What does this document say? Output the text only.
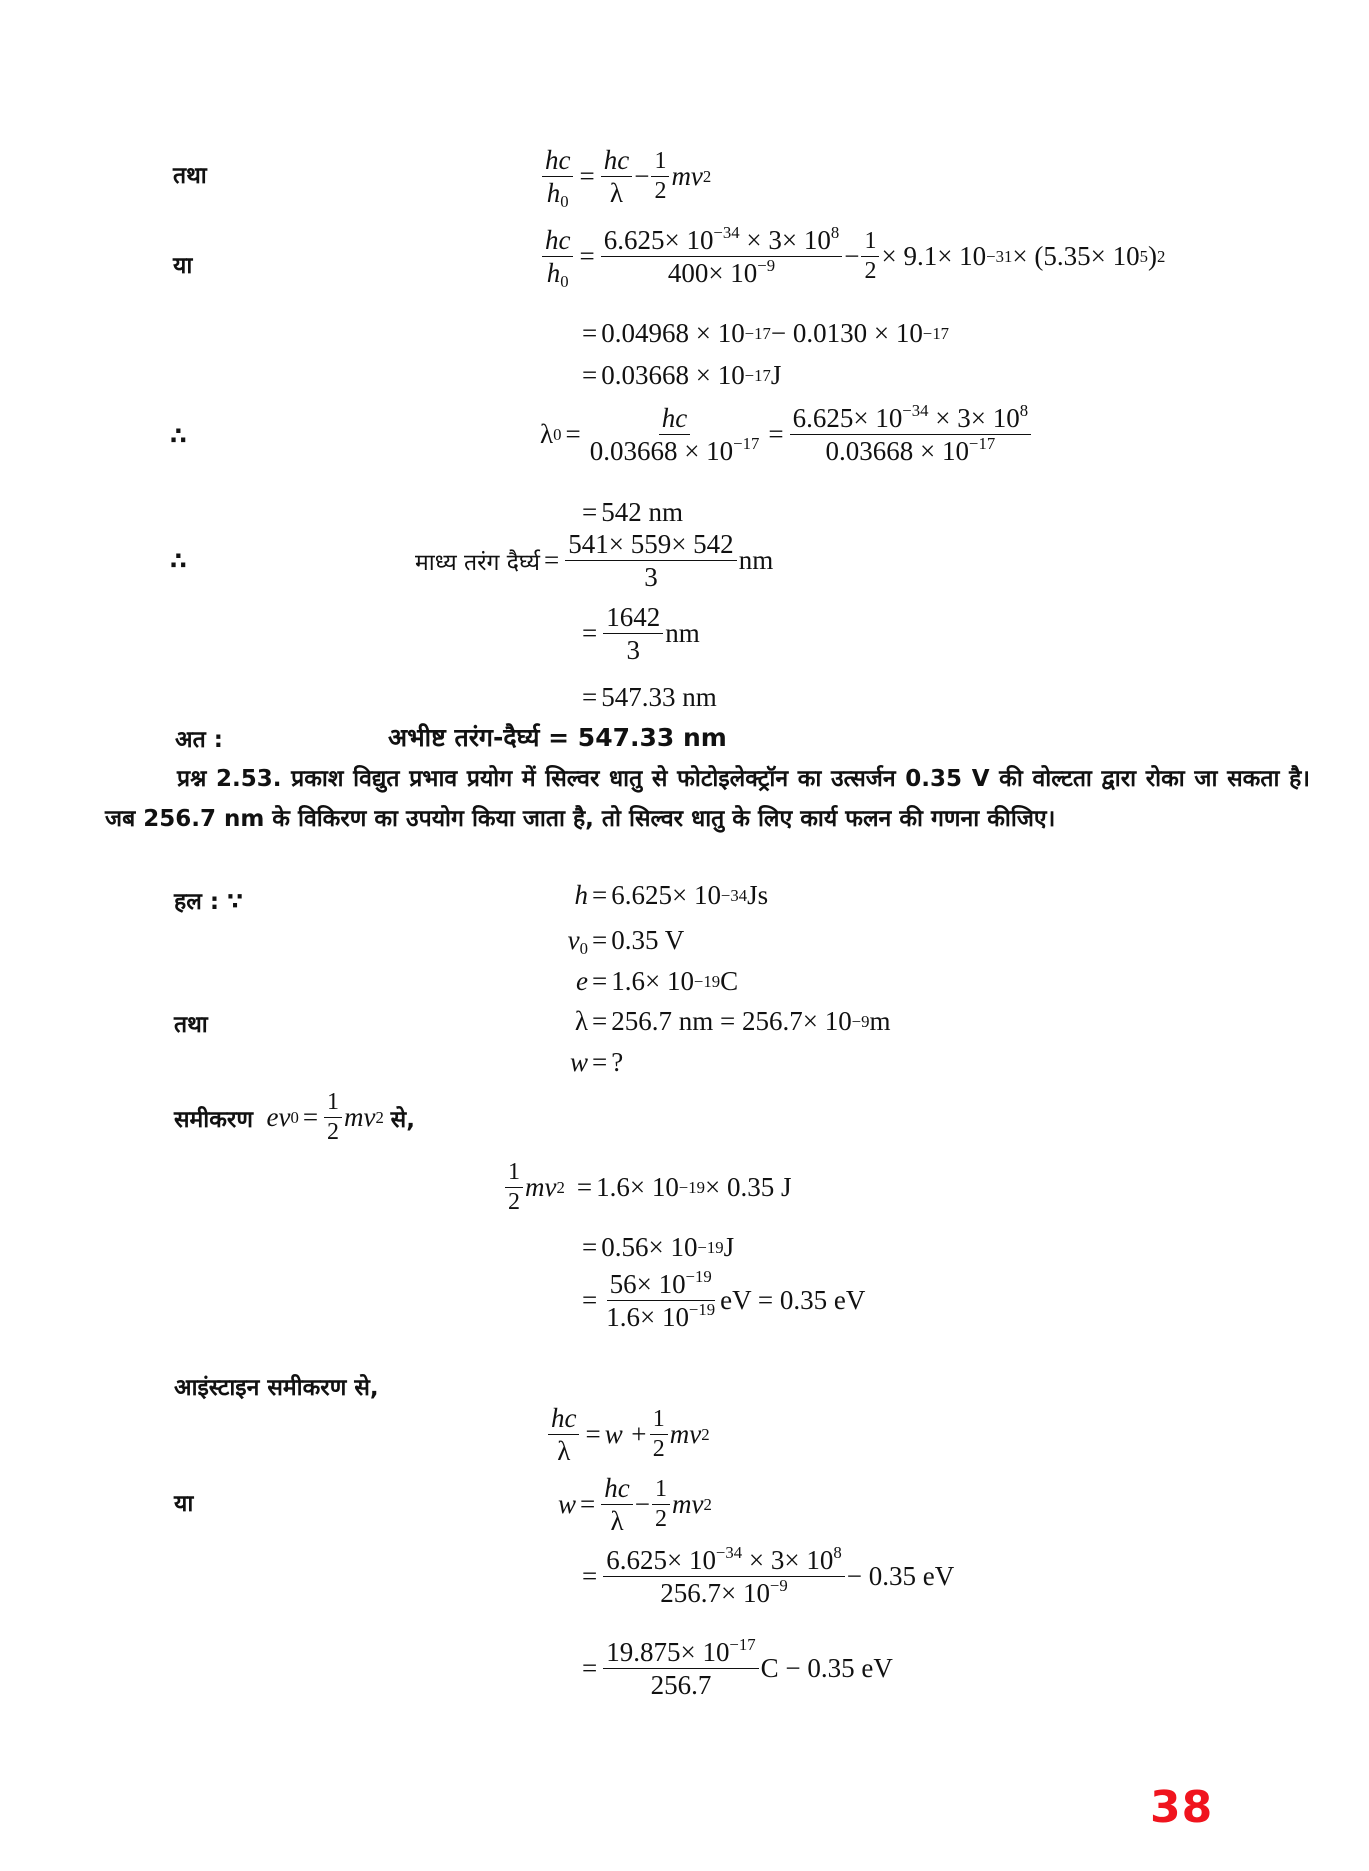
तथा	$\frac{hc}{h_0} = \frac{hc}{\lambda} - \frac{1}{2}$ mv 2
या	$\frac{hc}{h_0} = \frac{6.625\times 10^{-34} \times 3\times 10^8}{400\times 10^{-9}} - \frac{1}{2} \times 9.1\times 10 -31 \times (5.35\times 10$ 5 ) 2
= 0.04968 × 10 −17 − 0.0130 × 10 −17
= 0.03668 × 10 −17 J
∴	λ $0 = \frac{hc}{0.03668 \times 10^{-17}} = \frac{6.625\times 10^{-34} \times 3\times 10^8}{0.03668 \times 10^{-17}}$
= 542 nm
∴	माध्य तरंग दैर्घ्य = $\frac{541\times 559\times 542}{3}$ nm
= $\frac{1642}{3}$ nm
= 547.33 nm
अत :	अभीष्ट तरंग-दैर्घ्य = 547.33 nm
प्रश्न 2.53. प्रकाश विद्युत प्रभाव प्रयोग में सिल्वर धातु से फोटोइलेक्ट्रॉन का उत्सर्जन 0.35 V की वोल्टता द्वारा रोका जा सकता है। जब 256.7 nm के विकिरण का उपयोग किया जाता है, तो सिल्वर धातु के लिए कार्य फलन की गणना कीजिए।
हल : ∵
तथा
h = 6.625× 10 −34 Js
$v_0 = 0.35$ V
e = 1.6× 10 −19 C
λ = 256.7 nm = 256.7× 10 −9 m
w = ?
समीकरण
ev $0 = \frac{1}{2}$ mv 2
से,
$\frac{1}{2}$ mv 2 = 1.6× 10 −19 × 0.35 J
= 0.56× 10 −19 J
= $\frac{56\times 10^{-19}}{1.6\times 10^{-19}}$ eV = 0.35 eV
आइंस्टाइन समीकरण से,
$\frac{hc}{\lambda} = w + \frac{1}{2}$ mv 2
या	$w = \frac{hc}{\lambda} - \frac{1}{2}$ mv 2
= $\frac{6.625\times 10^{-34} \times 3\times 10^8}{256.7\times 10^{-9}} - 0.35$ eV
= $\frac{19.875\times 10^{-17}}{256.7}$ C − 0.35 eV
38
